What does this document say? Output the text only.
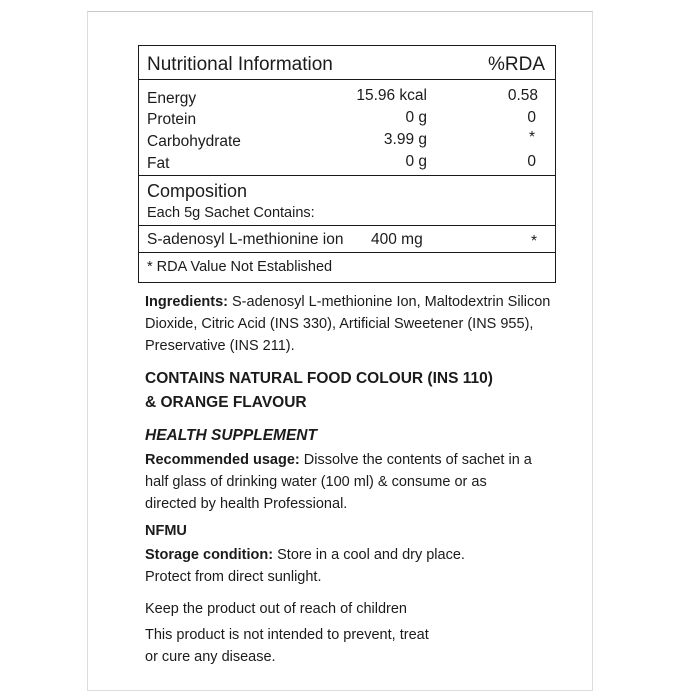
Nutritional Information	%RDA
Energy	15.96 kcal	0.58
Protein	0 g	0
Carbohydrate	3.99 g	*
Fat	0 g	0
Composition
Each 5g Sachet Contains:
S-adenosyl L-methionine ion 400 mg	*
* RDA Value Not Established

Ingredients: S-adenosyl L-methionine Ion, Maltodextrin Silicon Dioxide, Citric Acid (INS 330), Artificial Sweetener (INS 955), Preservative (INS 211).

CONTAINS NATURAL FOOD COLOUR (INS 110)
& ORANGE FLAVOUR
HEALTH SUPPLEMENT

Recommended usage: Dissolve the contents of sachet in a half glass of drinking water (100 ml) & consume or as directed by health Professional.

NFMU

Storage condition: Store in a cool and dry place. Protect from direct sunlight.

Keep the product out of reach of children

This product is not intended to prevent, treat or cure any disease.
